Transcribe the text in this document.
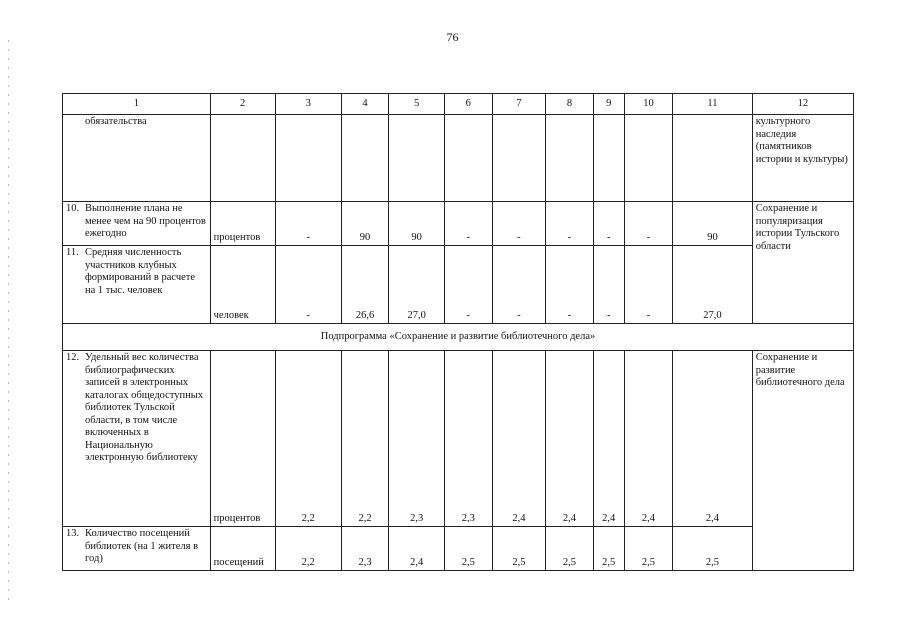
76
1	2	3	4	5	6	7	8	9	10	11	12
обязательства											культурного наследия (памятников истории и культуры)

10. Выполнение плана не менее чем на 90 процентов ежегодно	процентов	-	90	90	-	-	-	-	-	90	Сохранение и популяризация истории Тульского области

11. Средняя численность участников клубных формирований в расчете на 1 тыс. человек	человек	-	26,6	27,0	-	-	-	-	-	27,0	
Подпрограмма «Сохранение и развитие библиотечного дела»											

12. Удельный вес количества библиографических записей в электронных каталогах общедоступных библиотек Тульской области, в том числе включенных в Национальную электронную библиотеку	процентов	2,2	2,2	2,3	2,3	2,4	2,4	2,4	2,4	2,4	Сохранение и развитие библиотечного дела

13. Количество посещений библиотек (на 1 жителя в год)	посещений	2,2	2,3	2,4	2,5	2,5	2,5	2,5	2,5	2,5	
